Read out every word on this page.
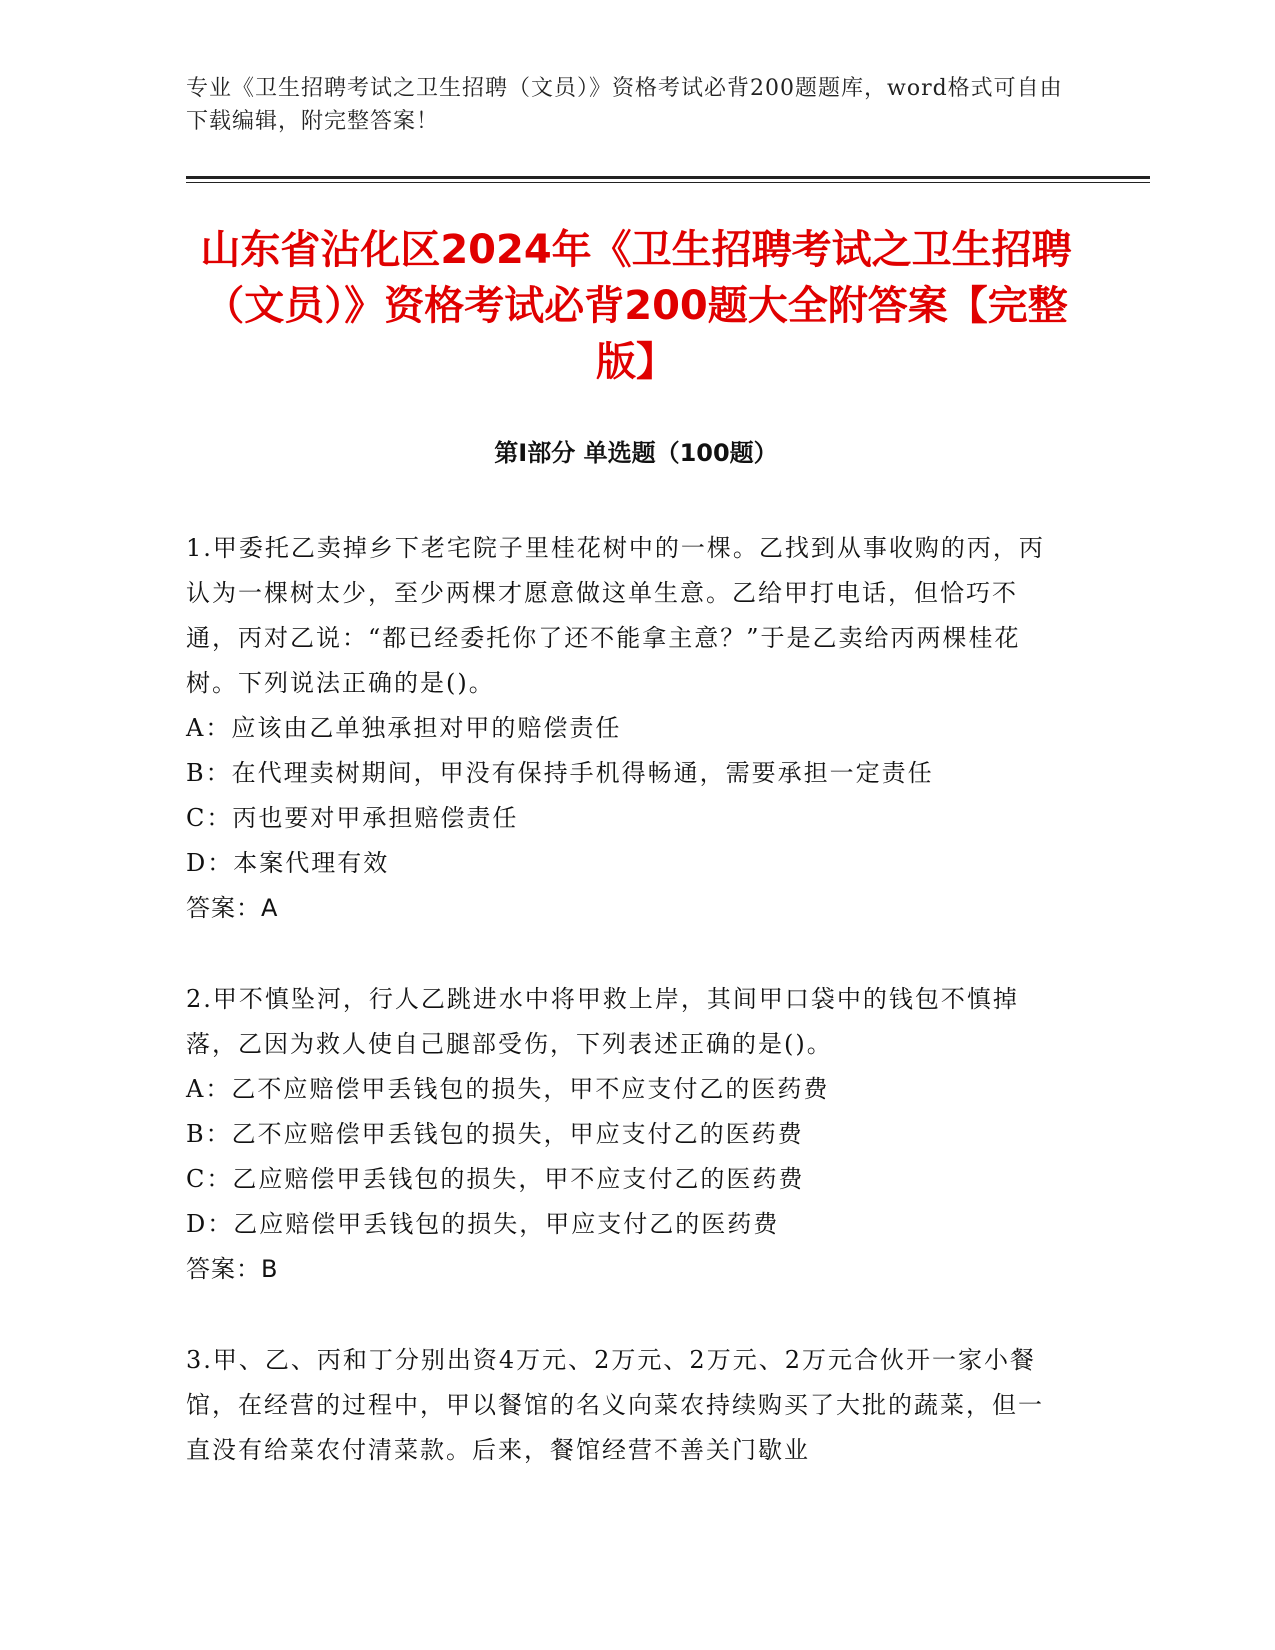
专业《卫生招聘考试之卫生招聘（文员）》资格考试必背200题题库，word格式可自由下载编辑，附完整答案！
山东省沾化区2024年《卫生招聘考试之卫生招聘（文员）》资格考试必背200题大全附答案【完整版】
第Ⅰ部分 单选题（100题）

1.甲委托乙卖掉乡下老宅院子里桂花树中的一棵。乙找到从事收购的丙，丙认为一棵树太少，至少两棵才愿意做这单生意。乙给甲打电话，但恰巧不通，丙对乙说：“都已经委托你了还不能拿主意？”于是乙卖给丙两棵桂花树。下列说法正确的是()。

A：应该由乙单独承担对甲的赔偿责任

B：在代理卖树期间，甲没有保持手机得畅通，需要承担一定责任

C：丙也要对甲承担赔偿责任

D：本案代理有效

答案：A

2.甲不慎坠河，行人乙跳进水中将甲救上岸，其间甲口袋中的钱包不慎掉落，乙因为救人使自己腿部受伤，下列表述正确的是()。

A：乙不应赔偿甲丢钱包的损失，甲不应支付乙的医药费

B：乙不应赔偿甲丢钱包的损失，甲应支付乙的医药费

C：乙应赔偿甲丢钱包的损失，甲不应支付乙的医药费

D：乙应赔偿甲丢钱包的损失，甲应支付乙的医药费

答案：B

3.甲、乙、丙和丁分别出资4万元、2万元、2万元、2万元合伙开一家小餐馆，在经营的过程中，甲以餐馆的名义向菜农持续购买了大批的蔬菜，但一直没有给菜农付清菜款。后来，餐馆经营不善关门歇业
